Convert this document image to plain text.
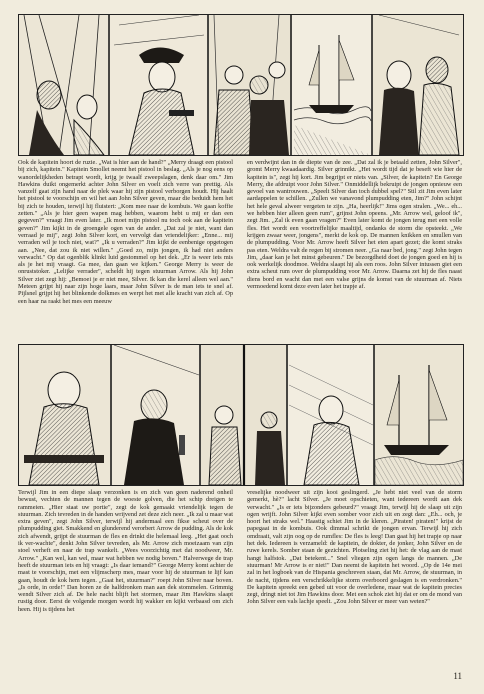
Ook de kapitein hoort de ruzie. „Wat is hier aan de hand?" „Merry draagt een pistool bij zich, kapitein." Kapitein Smollet neemt het pistool in beslag. „Als je nog eens op wanordelijkheden betrapt wordt, krijg je twaalf zweepslagen, denk daar om." Jim Hawkins duikt ongemerkt achter John Silver en voelt zich verre van prettig. Als vanzelf gaat zijn hand naar de plek waar hij zijn pistool verborgen houdt. Hij haalt het pistool te voorschijn en wil het aan John Silver geven, maar die beduidt hem het bij zich te houden, terwijl hij fluistert: „Kom mee naar de kombuis. We gaan koffie zetten." „Als je hier geen wapen mag hebben, waarom hebt u mij er dan een gegeven?" vraagt Jim even later. „Ik moet mijn pistool nu toch ook aan de kapitein geven?" Jim kijkt in de groengele ogen van de ander. „Dat zal je niet, want dan verraad je mij", zegt John Silver kort, en vervolgt dan vriendelijker: „Enne... mij verraden wil je toch niet, wat?" „Ik u verraden?" Jim kijkt de eenbenige opgetogen aan. „Nee, dat zou ik niet willen." „Goed zo, mijn jongen, ik had niet anders verwacht." Op dat ogenblik klinkt luid gestommel op het dek. „Er is weer iets mis als je het mij vraagt. Ga mee, dan gaan we kijken." George Merry is weer de onruststoker. „Lelijke verrader", scheldt hij tegen stuurman Arrow. Als hij John Silver ziet zegt hij: „Bemoei je er niet mee, Silver. Ik kan die kerel alleen wel aan." Meteen grijpt hij naar zijn hoge laars, maar John Silver is de man iets te snel af. Pijlsnel grijpt hij het blinkende dolkmes en werpt het met alle kracht van zich af. Op een haar na raakt het mes een meeuw

en verdwijnt dan in de diepte van de zee. „Dat zal ik je betaald zetten, John Silver", gromt Merry kwaadaardig. Silver grinnikt. „Het wordt tijd dat je beseft wie hier de kapitein is", zegt hij kort. Jim begrijpt er niets van. „Silver, de kapitein? En George Merry, die afdruipt voor John Silver." Onmiddellijk bekruipt de jongen opnieuw een gevoel van wantrouwen. „Speelt Silver dan toch dubbel spel?" Stil zit Jim even later aardappelen te schillen. „Zullen we vanavond plumpudding eten, Jim?" John schijnt het hele geval alweer vergeten te zijn. „Ha, heerlijk!" Jims ogen stralen. „We... eh... we hebben hier alleen geen rum", grijnst John opeens. „Mr. Arrow wel, geloof ik", zegt Jim. „Zal ik even gaan vragen?" Even later komt de jongen terug met een volle fles. Het wordt een voortreffelijke maaltijd, ondanks de storm die opsteekt. „We krijgen zwaar weer, jongens", merkt de kok op. De mannen knikken en smullen van de plumpudding. Voor Mr. Arrow heeft Silver het eten apart gezet; die komt straks pas eten. Weldra valt de regen bij stromen neer. „Ga naar bed, jong." zegt John tegen Jim, „daar kan je het minst gebeuren." De bezorgdheid doet de jongen goed en hij is ook werkelijk doodmoe. Weldra slaapt hij als een roos. John Silver intussen giet een extra scheut rum over de plumpudding voor Mr. Arrow. Daarna zet hij de fles naast diens bord en wacht dan met een valse grijns de komst van de stuurman af. Niets vermoedend komt deze even later het trapje af.

Terwijl Jim in een diepe slaap verzonken is en zich van geen naderend onheil bewust, vechten de mannen tegen de woeste golven, die het schip dreigen te rammeien. „Hier staat uw portie", zegt de kok gemaakt vriendelijk tegen de stuurman. Zich tevreden in de handen wrijvend zet deze zich neer. „Ik zal u maar wat extra geven", zegt John Silver, terwijl hij andermaal een fikse scheut over de plumpudding giet. Smakkend en glunderend verorbert Arrow de pudding. Als de kok zich afwendt, grijpt de stuurman de fles en drinkt die helemaal leeg. „Het gaat ooch ik ver-wachte", denkt John Silver tevreden, als Mr. Arrow zich moeizaam van zijn stoel verheft en naar de trap wankelt. „Wees voorzichtig met dat noodweer, Mr. Arrow." „Kan wel, kan wel, maar wat hebben we nodig boven." Halverwege de trap heeft de stuurman iets en hij vraagt: „Is daar iemand?" George Merry komt achter de mast te voorschijn, met een vlijmscherp mes, maar voor hij de stuurman te lijf kan gaan, houdt de kok hem tegen. „Gaat het, stuurman?" roept John Silver naar boven. „Is orde, in orde!" Dan horen ze de halfdronken man aan dek stommelen. Grimmig wendt Silver zich af. De hele nacht blijft het stormen, maar Jim Hawkins slaapt rustig door. Eerst de volgende morgen wordt hij wakker en kijkt verbaasd om zich heen. Hij is tijdens het

vreselijke noodweer uit zijn kooi geslingerd. „Je hebt niet veel van de storm gemerkt, hè?" lacht Silver. „Je moet opschieten, want iedereen wordt aan dek verwacht." „Is er iets bijzonders gebeurd?" vraagt Jim, terwijl hij de slaap uit zijn ogen wrijft. John Silver kijkt even somber voor zich uit en zegt dan: „Eh... och, je hoort het straks wel." Haastig schiet Jim in de kleren. „Piraten! piraten!" krijst de papegaai in de kombuis. Ook dimmal schrikt de jongen ervan. Terwijl hij zich omdraait, valt zijn oog op de rumfles: De fles is leeg! Dan gaat hij het trapje op naar het dek. Iedereen is verzameld: de kapitein, de dokter, de jonker, John Silver en de ruwe kerels. Somber staan de gezichten. Plotseling ziet hij het: de vlag aan de mast hangt halfstok. „Dat betekent..." Snel vliegen zijn ogen langs de mannen. „De stuurman! Mr Arrow is er niet!" Dan neemt de kapitein het woord. „Op de 14e mei zal in het logboek van de Hispania geschreven staan, dat Mr. Arrow, de stuurman, in de nacht, tijdens een verschrikkelijke storm overboord geslagen is en verdronken." De kapitein spreekt een gebed uit voor de overledene, maar wat de kapitein precies zegt, dringt niet tot Jim Hawkins door. Met een schok ziet hij dat er om de mond van John Silver een vals lachje speelt. „Zou John Silver er meer van weten?"

11
